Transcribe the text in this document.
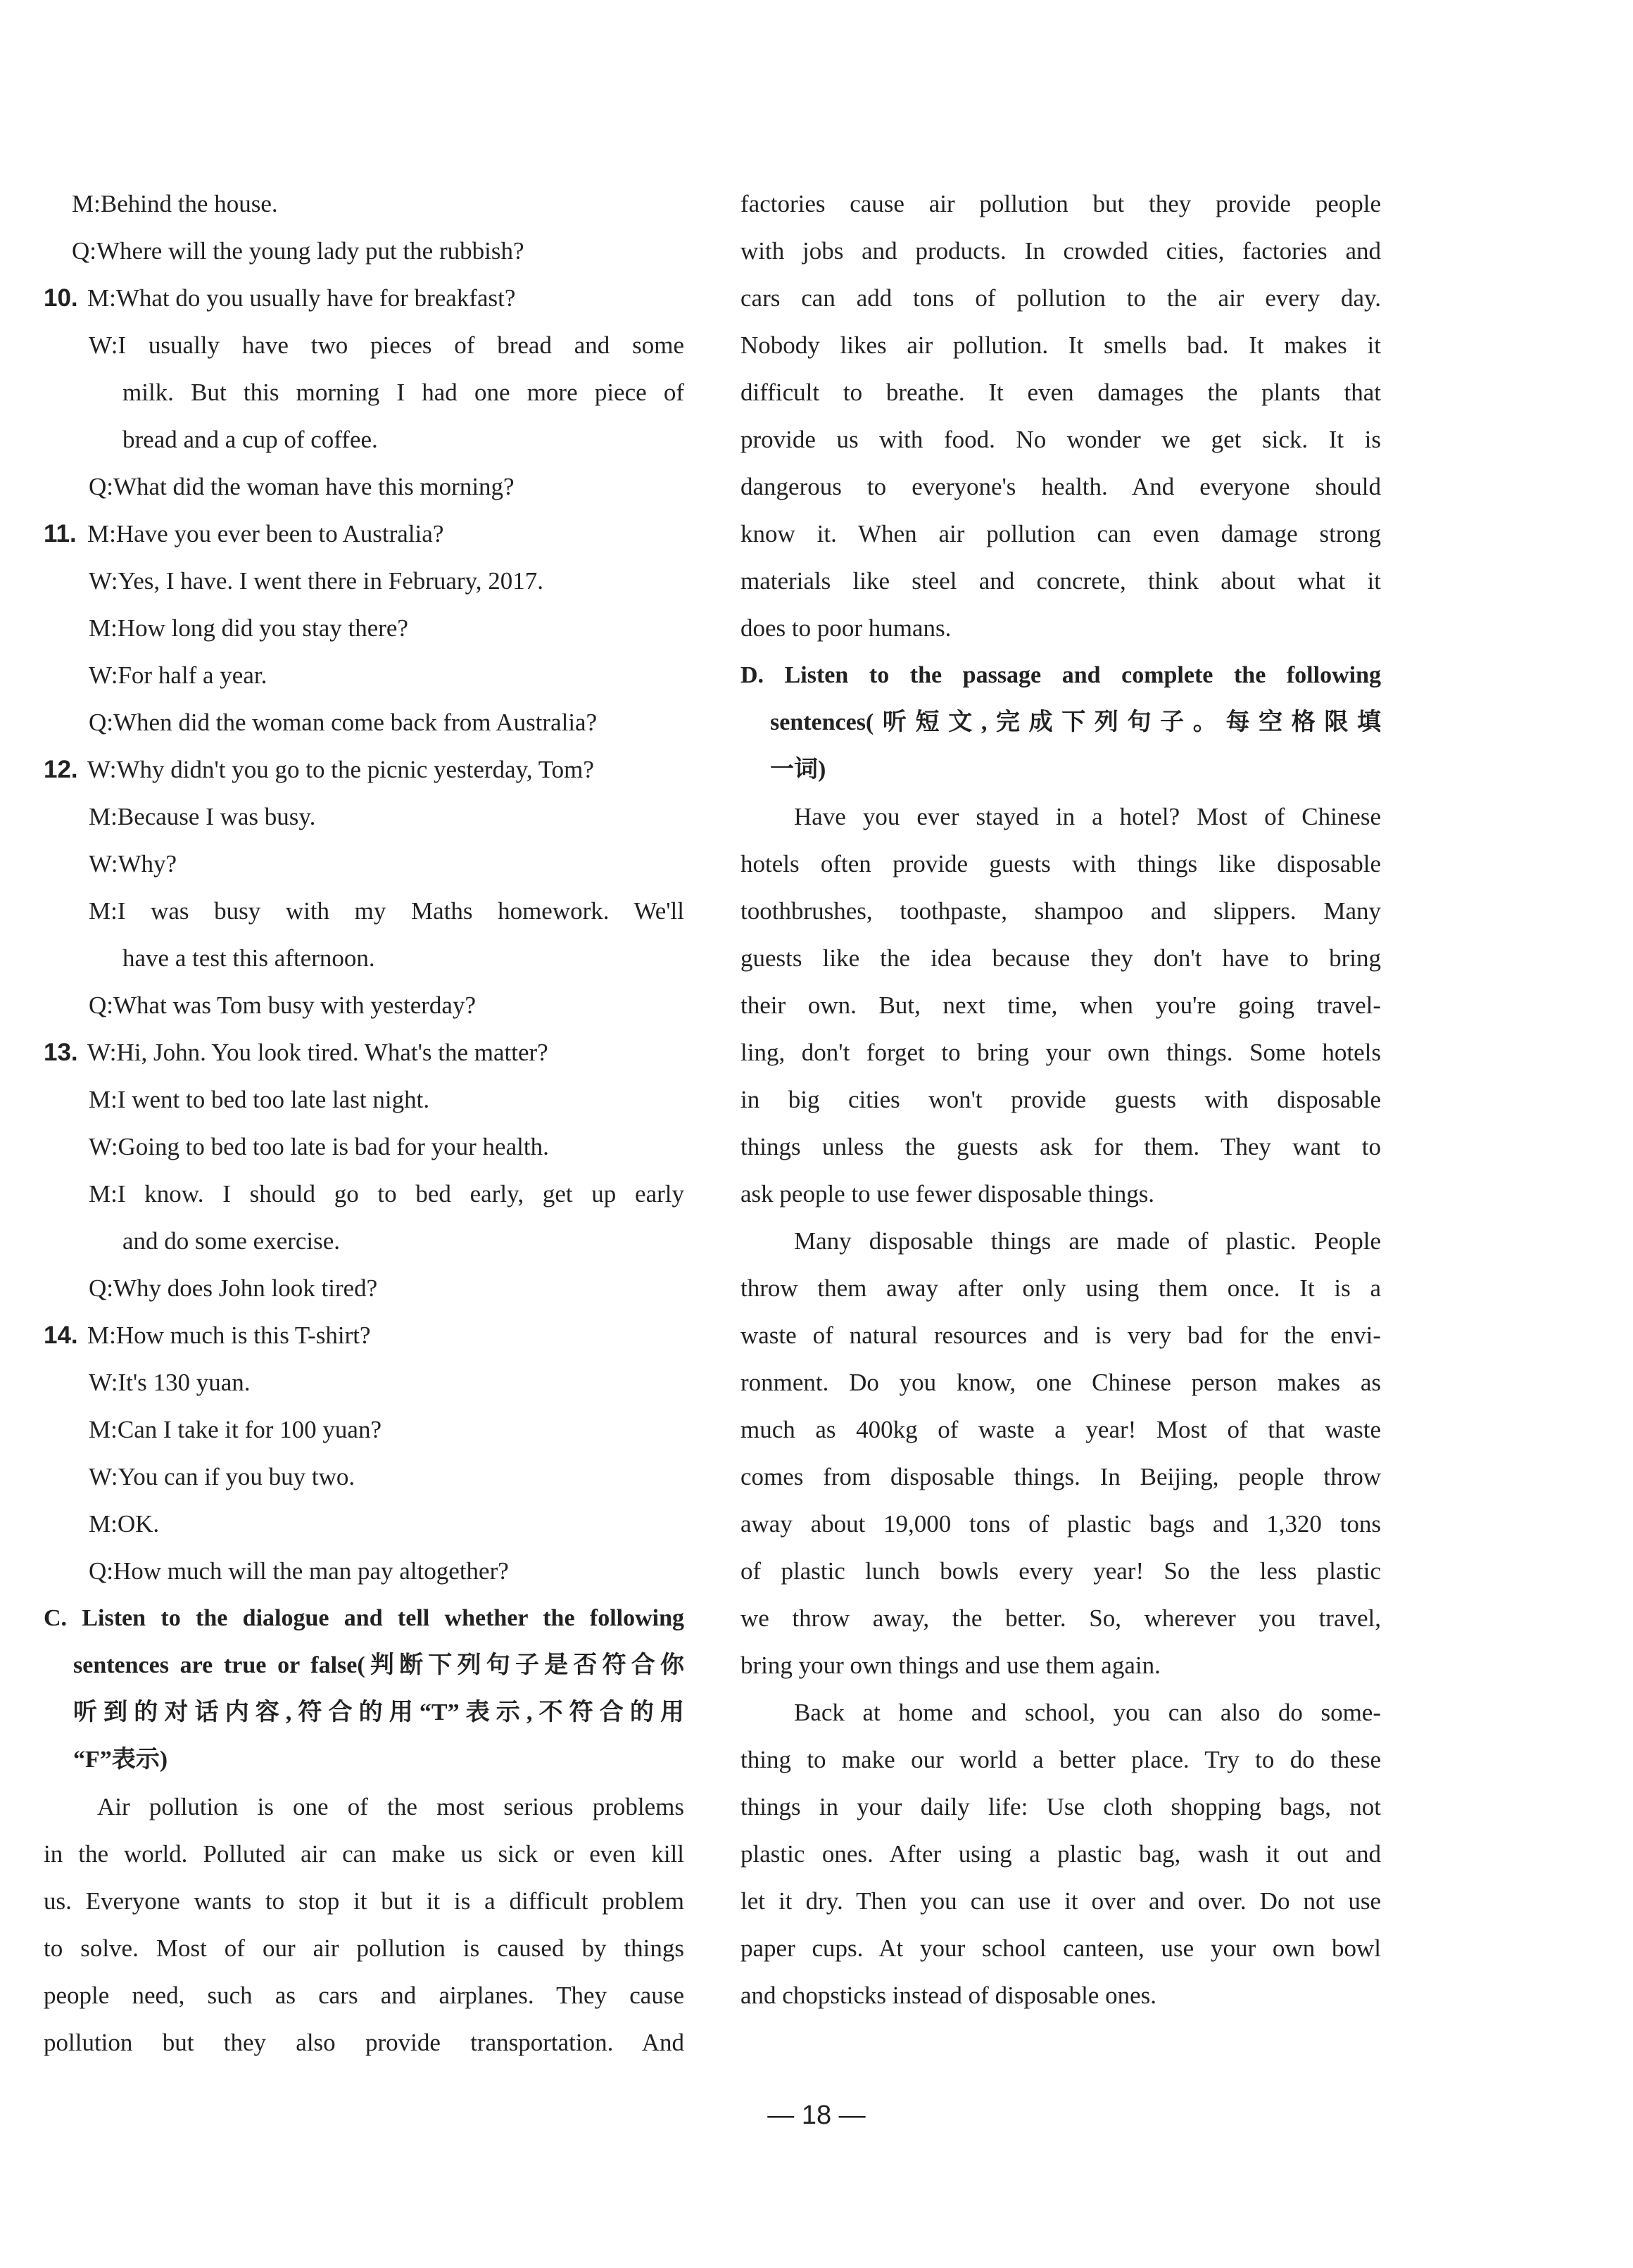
M:Behind the house.

Q:Where will the young lady put the rubbish?

10. M:What do you usually have for breakfast?

W:I usually have two pieces of bread and some

milk. But this morning I had one more piece of

bread and a cup of coffee.

Q:What did the woman have this morning?

11. M:Have you ever been to Australia?

W:Yes, I have. I went there in February, 2017.

M:How long did you stay there?

W:For half a year.

Q:When did the woman come back from Australia?

12. W:Why didn't you go to the picnic yesterday, Tom?

M:Because I was busy.

W:Why?

M:I was busy with my Maths homework. We'll

have a test this afternoon.

Q:What was Tom busy with yesterday?

13. W:Hi, John. You look tired. What's the matter?

M:I went to bed too late last night.

W:Going to bed too late is bad for your health.

M:I know. I should go to bed early, get up early

and do some exercise.

Q:Why does John look tired?

14. M:How much is this T-shirt?

W:It's 130 yuan.

M:Can I take it for 100 yuan?

W:You can if you buy two.

M:OK.

Q:How much will the man pay altogether?

C. Listen to the dialogue and tell whether the following

sentences are true or false(判断下列句子是否符合你

听到的对话内容,符合的用“T”表示,不符合的用

“F”表示)

Air pollution is one of the most serious problems

in the world. Polluted air can make us sick or even kill

us. Everyone wants to stop it but it is a difficult problem

to solve. Most of our air pollution is caused by things

people need, such as cars and airplanes. They cause

pollution but they also provide transportation. And

factories cause air pollution but they provide people

with jobs and products. In crowded cities, factories and

cars can add tons of pollution to the air every day.

Nobody likes air pollution. It smells bad. It makes it

difficult to breathe. It even damages the plants that

provide us with food. No wonder we get sick. It is

dangerous to everyone's health. And everyone should

know it. When air pollution can even damage strong

materials like steel and concrete, think about what it

does to poor humans.

D. Listen to the passage and complete the following

sentences(听短文,完成下列句子。每空格限填

一词)

Have you ever stayed in a hotel? Most of Chinese

hotels often provide guests with things like disposable

toothbrushes, toothpaste, shampoo and slippers. Many

guests like the idea because they don't have to bring

their own. But, next time, when you're going travel-

ling, don't forget to bring your own things. Some hotels

in big cities won't provide guests with disposable

things unless the guests ask for them. They want to

ask people to use fewer disposable things.

Many disposable things are made of plastic. People

throw them away after only using them once. It is a

waste of natural resources and is very bad for the envi-

ronment. Do you know, one Chinese person makes as

much as 400kg of waste a year! Most of that waste

comes from disposable things. In Beijing, people throw

away about 19,000 tons of plastic bags and 1,320 tons

of plastic lunch bowls every year! So the less plastic

we throw away, the better. So, wherever you travel,

bring your own things and use them again.

Back at home and school, you can also do some-

thing to make our world a better place. Try to do these

things in your daily life: Use cloth shopping bags, not

plastic ones. After using a plastic bag, wash it out and

let it dry. Then you can use it over and over. Do not use

paper cups. At your school canteen, use your own bowl

and chopsticks instead of disposable ones.

— 18 —
